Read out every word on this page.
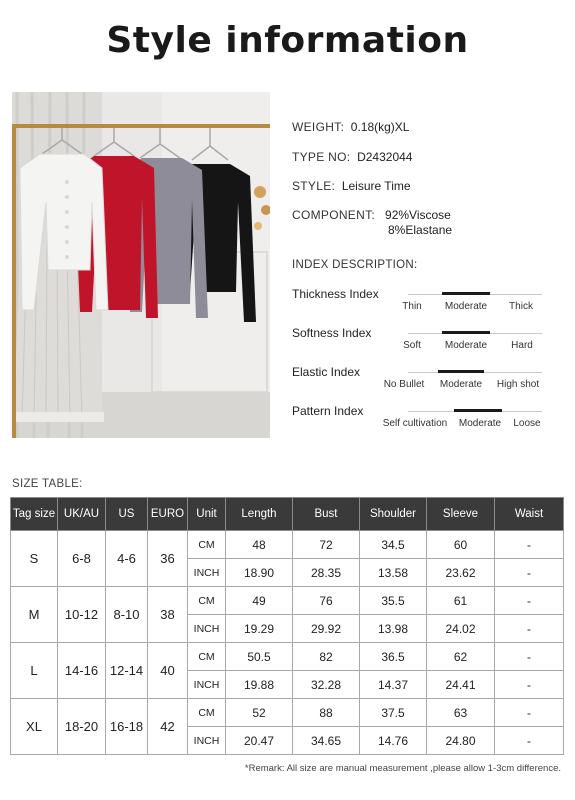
Style information
WEIGHT: 0.18(kg)XL
TYPE NO: D2432044
STYLE: Leisure Time
COMPONENT: 92%Viscose
8%Elastane
INDEX DESCRIPTION:
Thickness Index
Thin Moderate Thick
Softness Index
Soft Moderate Hard
Elastic Index
No Bullet Moderate High shot
Pattern Index
Self cultivation Moderate Loose
SIZE TABLE:
Tag size	UK/AU	US	EURO	Unit	Length	Bust	Shoulder	Sleeve	Waist
S	6-8	4-6	36	CM	48	72	34.5	60	-
				INCH	18.90	28.35	13.58	23.62	-
M	10-12	8-10	38	CM	49	76	35.5	61	-
				INCH	19.29	29.92	13.98	24.02	-
L	14-16	12-14	40	CM	50.5	82	36.5	62	-
				INCH	19.88	32.28	14.37	24.41	-
XL	18-20	16-18	42	CM	52	88	37.5	63	-
				INCH	20.47	34.65	14.76	24.80	-
*Remark: All size are manual measurement ,please allow 1-3cm difference.
